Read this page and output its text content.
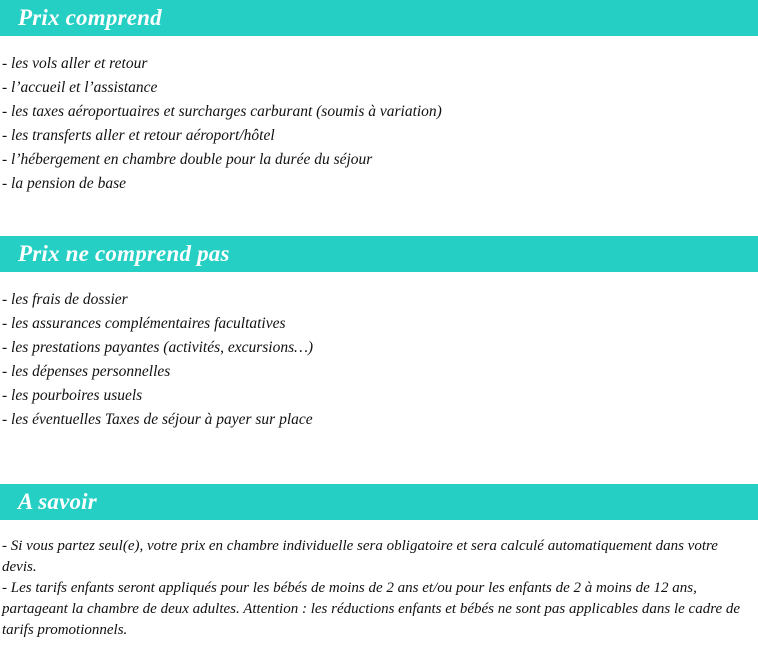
Prix comprend
- les vols aller et retour
- l’accueil et l’assistance
- les taxes aéroportuaires et surcharges carburant (soumis à variation)
- les transferts aller et retour aéroport/hôtel
- l’hébergement en chambre double pour la durée du séjour
- la pension de base
Prix ne comprend pas
- les frais de dossier
- les assurances complémentaires facultatives
- les prestations payantes (activités, excursions…)
- les dépenses personnelles
- les pourboires usuels
- les éventuelles Taxes de séjour à payer sur place
A savoir
- Si vous partez seul(e), votre prix en chambre individuelle sera obligatoire et sera calculé automatiquement dans votre devis.
- Les tarifs enfants seront appliqués pour les bébés de moins de 2 ans et/ou pour les enfants de 2 à moins de 12 ans, partageant la chambre de deux adultes. Attention : les réductions enfants et bébés ne sont pas applicables dans le cadre de tarifs promotionnels.
